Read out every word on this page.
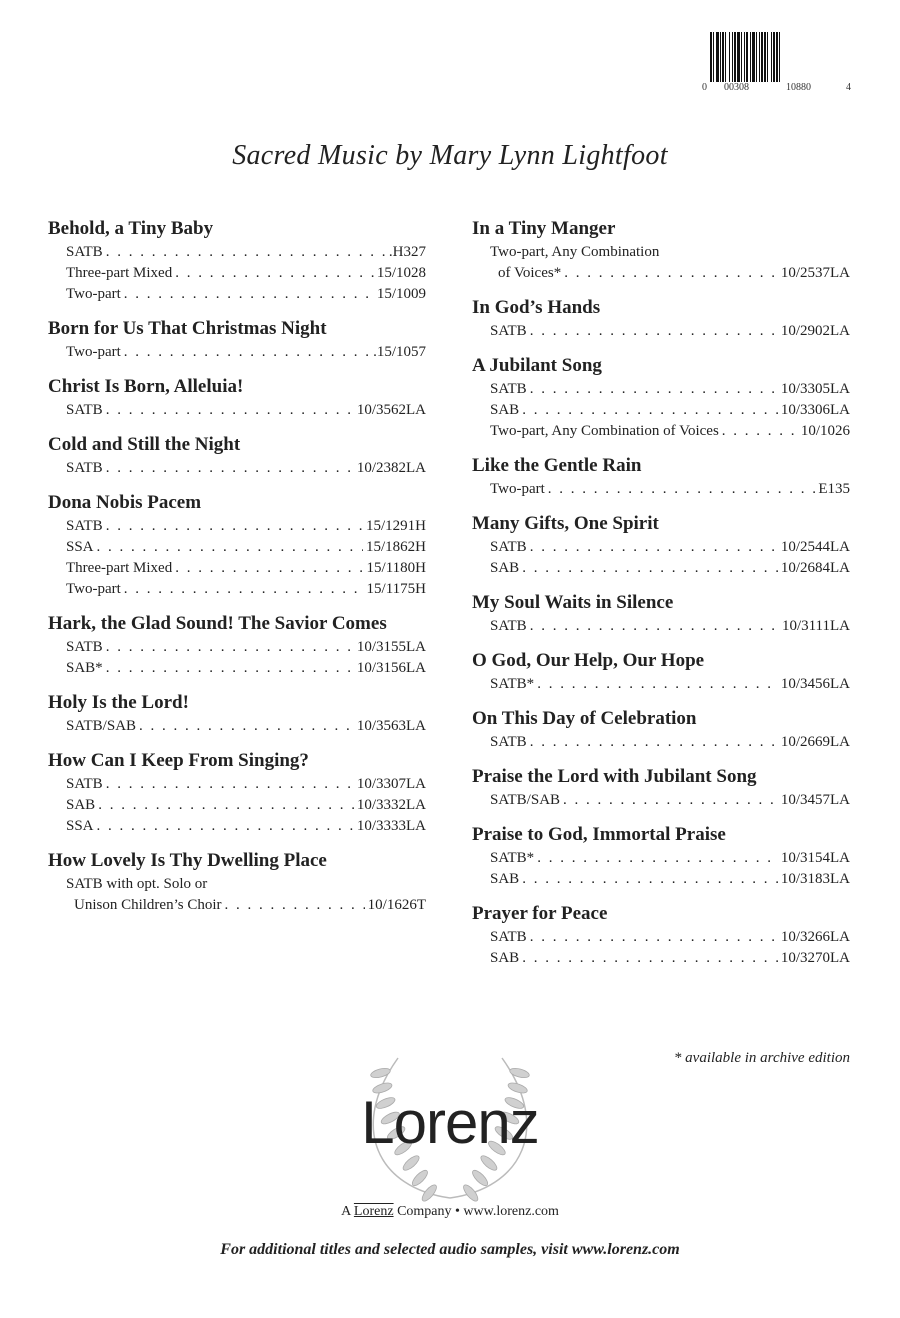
0 00308	10880	4
Sacred Music by Mary Lynn Lightfoot
Behold, a Tiny Baby
SATB . . .	.H327
Three-part Mixed . . .	15/1028
Two-part . . .	15/1009
Born for Us That Christmas Night
Two-part . . .	.15/1057
Christ Is Born, Alleluia!
SATB . . .	10/3562LA
Cold and Still the Night
SATB . . .	10/2382LA
Dona Nobis Pacem
SATB . . .	15/1291H
SSA . . .	15/1862H
Three-part Mixed . . .	15/1180H
Two-part . . .	15/1175H
Hark, the Glad Sound! The Savior Comes
SATB . . .	10/3155LA
SAB* . . .	10/3156LA
Holy Is the Lord!
SATB/SAB . . .	10/3563LA
How Can I Keep From Singing?
SATB . . .	10/3307LA
SAB . . .	10/3332LA
SSA . . .	10/3333LA
How Lovely Is Thy Dwelling Place
SATB with opt. Solo or
Unison Children’s Choir . . .	10/1626T
In a Tiny Manger
Two-part, Any Combination
of Voices* . . .	10/2537LA
In God’s Hands
SATB . . .	10/2902LA
A Jubilant Song
SATB . . .	10/3305LA
SAB . . .	10/3306LA
Two-part, Any Combination of Voices . . .	10/1026
Like the Gentle Rain
Two-part . . .	E135
Many Gifts, One Spirit
SATB . . .	10/2544LA
SAB . . .	10/2684LA
My Soul Waits in Silence
SATB . . .	10/3111LA
O God, Our Help, Our Hope
SATB* . . .	10/3456LA
On This Day of Celebration
SATB . . .	10/2669LA
Praise the Lord with Jubilant Song
SATB/SAB . . .	10/3457LA
Praise to God, Immortal Praise
SATB* . . .	10/3154LA
SAB . . .	10/3183LA
Prayer for Peace
SATB . . .	10/3266LA
SAB . . .	10/3270LA
* available in archive edition
Lorenz
A Lorenz Company • www.lorenz.com
For additional titles and selected audio samples, visit www.lorenz.com
